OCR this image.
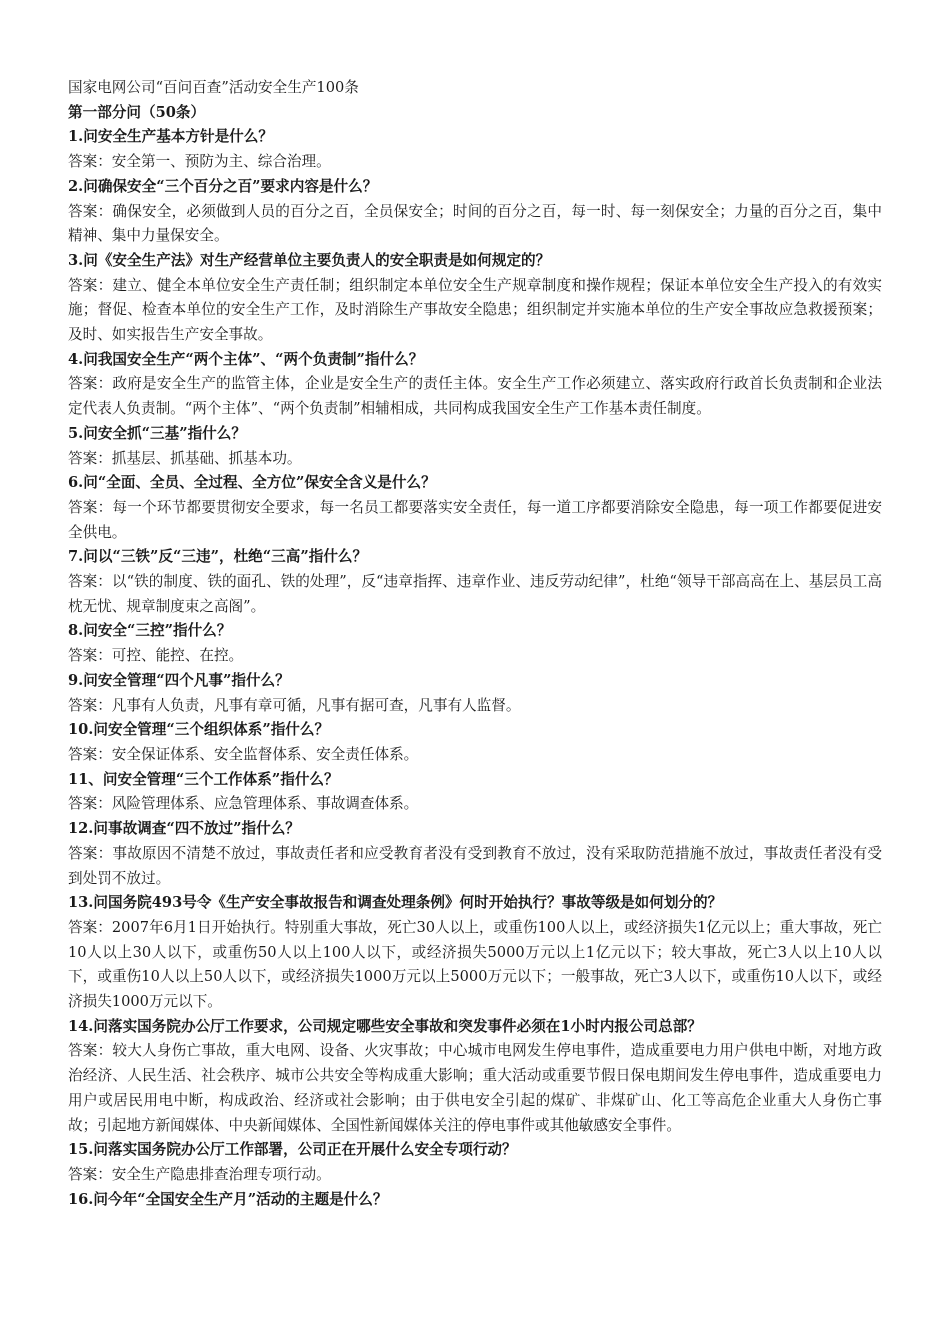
国家电网公司“百问百查”活动安全生产100条

第一部分问（50条）

1.问安全生产基本方针是什么？

答案：安全第一、预防为主、综合治理。

2.问确保安全“三个百分之百”要求内容是什么？

答案：确保安全，必须做到人员的百分之百，全员保安全；时间的百分之百，每一时、每一刻保安全；力量的百分之百，集中精神、集中力量保安全。

3.问《安全生产法》对生产经营单位主要负责人的安全职责是如何规定的？

答案：建立、健全本单位安全生产责任制；组织制定本单位安全生产规章制度和操作规程；保证本单位安全生产投入的有效实施；督促、检查本单位的安全生产工作，及时消除生产事故安全隐患；组织制定并实施本单位的生产安全事故应急救援预案；及时、如实报告生产安全事故。

4.问我国安全生产“两个主体”、“两个负责制”指什么？

答案：政府是安全生产的监管主体，企业是安全生产的责任主体。安全生产工作必须建立、落实政府行政首长负责制和企业法定代表人负责制。“两个主体”、“两个负责制”相辅相成，共同构成我国安全生产工作基本责任制度。

5.问安全抓“三基”指什么？

答案：抓基层、抓基础、抓基本功。

6.问“全面、全员、全过程、全方位”保安全含义是什么？

答案：每一个环节都要贯彻安全要求，每一名员工都要落实安全责任，每一道工序都要消除安全隐患，每一项工作都要促进安全供电。

7.问以“三铁”反“三违”，杜绝“三高”指什么？

答案：以“铁的制度、铁的面孔、铁的处理”，反“违章指挥、违章作业、违反劳动纪律”，杜绝“领导干部高高在上、基层员工高枕无忧、规章制度束之高阁”。

8.问安全“三控”指什么？

答案：可控、能控、在控。

9.问安全管理“四个凡事”指什么？

答案：凡事有人负责，凡事有章可循，凡事有据可查，凡事有人监督。

10.问安全管理“三个组织体系”指什么？

答案：安全保证体系、安全监督体系、安全责任体系。

11、问安全管理“三个工作体系”指什么？

答案：风险管理体系、应急管理体系、事故调查体系。

12.问事故调查“四不放过”指什么？

答案：事故原因不清楚不放过，事故责任者和应受教育者没有受到教育不放过，没有采取防范措施不放过，事故责任者没有受到处罚不放过。

13.问国务院493号令《生产安全事故报告和调查处理条例》何时开始执行？事故等级是如何划分的？

答案：2007年6月1日开始执行。特别重大事故，死亡30人以上，或重伤100人以上，或经济损失1亿元以上；重大事故，死亡10人以上30人以下，或重伤50人以上100人以下，或经济损失5000万元以上1亿元以下；较大事故，死亡3人以上10人以下，或重伤10人以上50人以下，或经济损失1000万元以上5000万元以下；一般事故，死亡3人以下，或重伤10人以下，或经济损失1000万元以下。

14.问落实国务院办公厅工作要求，公司规定哪些安全事故和突发事件必须在1小时内报公司总部？

答案：较大人身伤亡事故，重大电网、设备、火灾事故；中心城市电网发生停电事件，造成重要电力用户供电中断，对地方政治经济、人民生活、社会秩序、城市公共安全等构成重大影响；重大活动或重要节假日保电期间发生停电事件，造成重要电力用户或居民用电中断，构成政治、经济或社会影响；由于供电安全引起的煤矿、非煤矿山、化工等高危企业重大人身伤亡事故；引起地方新闻媒体、中央新闻媒体、全国性新闻媒体关注的停电事件或其他敏感安全事件。

15.问落实国务院办公厅工作部署，公司正在开展什么安全专项行动？

答案：安全生产隐患排查治理专项行动。

16.问今年“全国安全生产月”活动的主题是什么？
